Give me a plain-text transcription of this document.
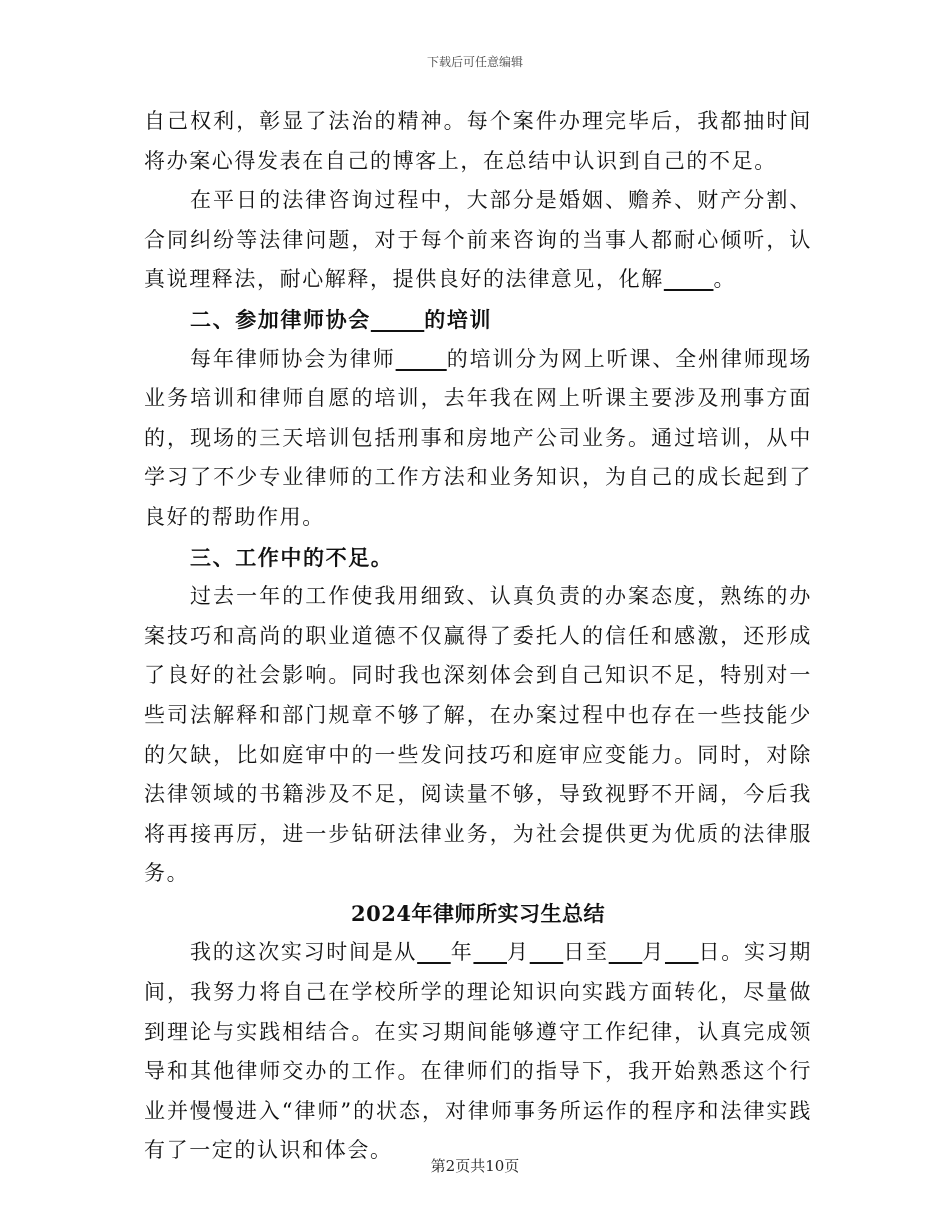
下载后可任意编辑

自己权利，彰显了法治的精神。每个案件办理完毕后，我都抽时间将办案心得发表在自己的博客上，在总结中认识到自己的不足。

在平日的法律咨询过程中，大部分是婚姻、赡养、财产分割、合同纠纷等法律问题，对于每个前来咨询的当事人都耐心倾听，认真说理释法，耐心解释，提供良好的法律意见，化解 。

二、参加律师协会	的培训

每年律师协会为律师 的培训分为网上听课、全州律师现场业务培训和律师自愿的培训，去年我在网上听课主要涉及刑事方面的，现场的三天培训包括刑事和房地产公司业务。通过培训，从中学习了不少专业律师的工作方法和业务知识，为自己的成长起到了良好的帮助作用。

三、工作中的不足。

过去一年的工作使我用细致、认真负责的办案态度，熟练的办案技巧和高尚的职业道德不仅赢得了委托人的信任和感激，还形成了良好的社会影响。同时我也深刻体会到自己知识不足，特别对一些司法解释和部门规章不够了解，在办案过程中也存在一些技能少的欠缺，比如庭审中的一些发问技巧和庭审应变能力。同时，对除法律领域的书籍涉及不足，阅读量不够，导致视野不开阔，今后我将再接再厉，进一步钻研法律业务，为社会提供更为优质的法律服务。

2024年律师所实习生总结

我的这次实习时间是从 年 月 日至 月 日。实习期间，我努力将自己在学校所学的理论知识向实践方面转化，尽量做到理论与实践相结合。在实习期间能够遵守工作纪律，认真完成领导和其他律师交办的工作。在律师们的指导下，我开始熟悉这个行业并慢慢进入“律师”的状态，对律师事务所运作的程序和法律实践有了一定的认识和体会。

第2页共10页
